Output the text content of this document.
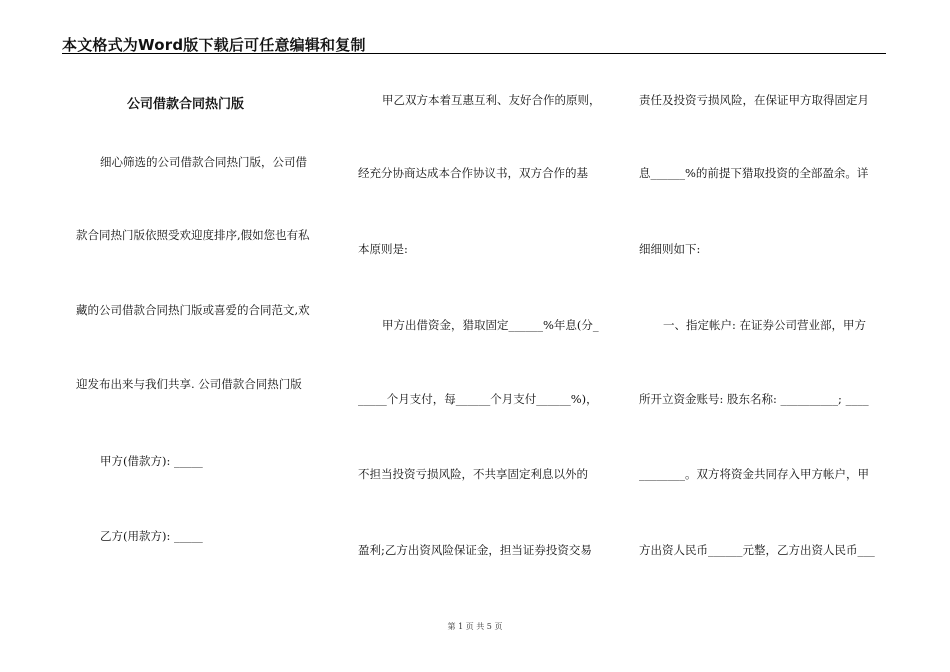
本文格式为Word版下载后可任意编辑和复制
公司借款合同热门版
细心筛选的公司借款合同热门版，公司借
款合同热门版依照受欢迎度排序,假如您也有私
藏的公司借款合同热门版或喜爱的合同范文,欢
迎发布出来与我们共享. 公司借款合同热门版
甲方(借款方): _____
乙方(用款方): _____
甲乙双方本着互惠互利、友好合作的原则，
经充分协商达成本合作协议书，双方合作的基
本原则是:
甲方出借资金，猎取固定______%年息(分_
_____个月支付，每______个月支付______%)，
不担当投资亏损风险，不共享固定利息以外的
盈利;乙方出资风险保证金，担当证券投资交易
责任及投资亏损风险，在保证甲方取得固定月
息______%的前提下猎取投资的全部盈余。详
细细则如下:
一、指定帐户: 在证券公司营业部，甲方
所开立资金账号: 股东名称: __________; ____
________。双方将资金共同存入甲方帐户，甲
方出资人民币______元整，乙方出资人民币___
第 1 页 共 5 页
